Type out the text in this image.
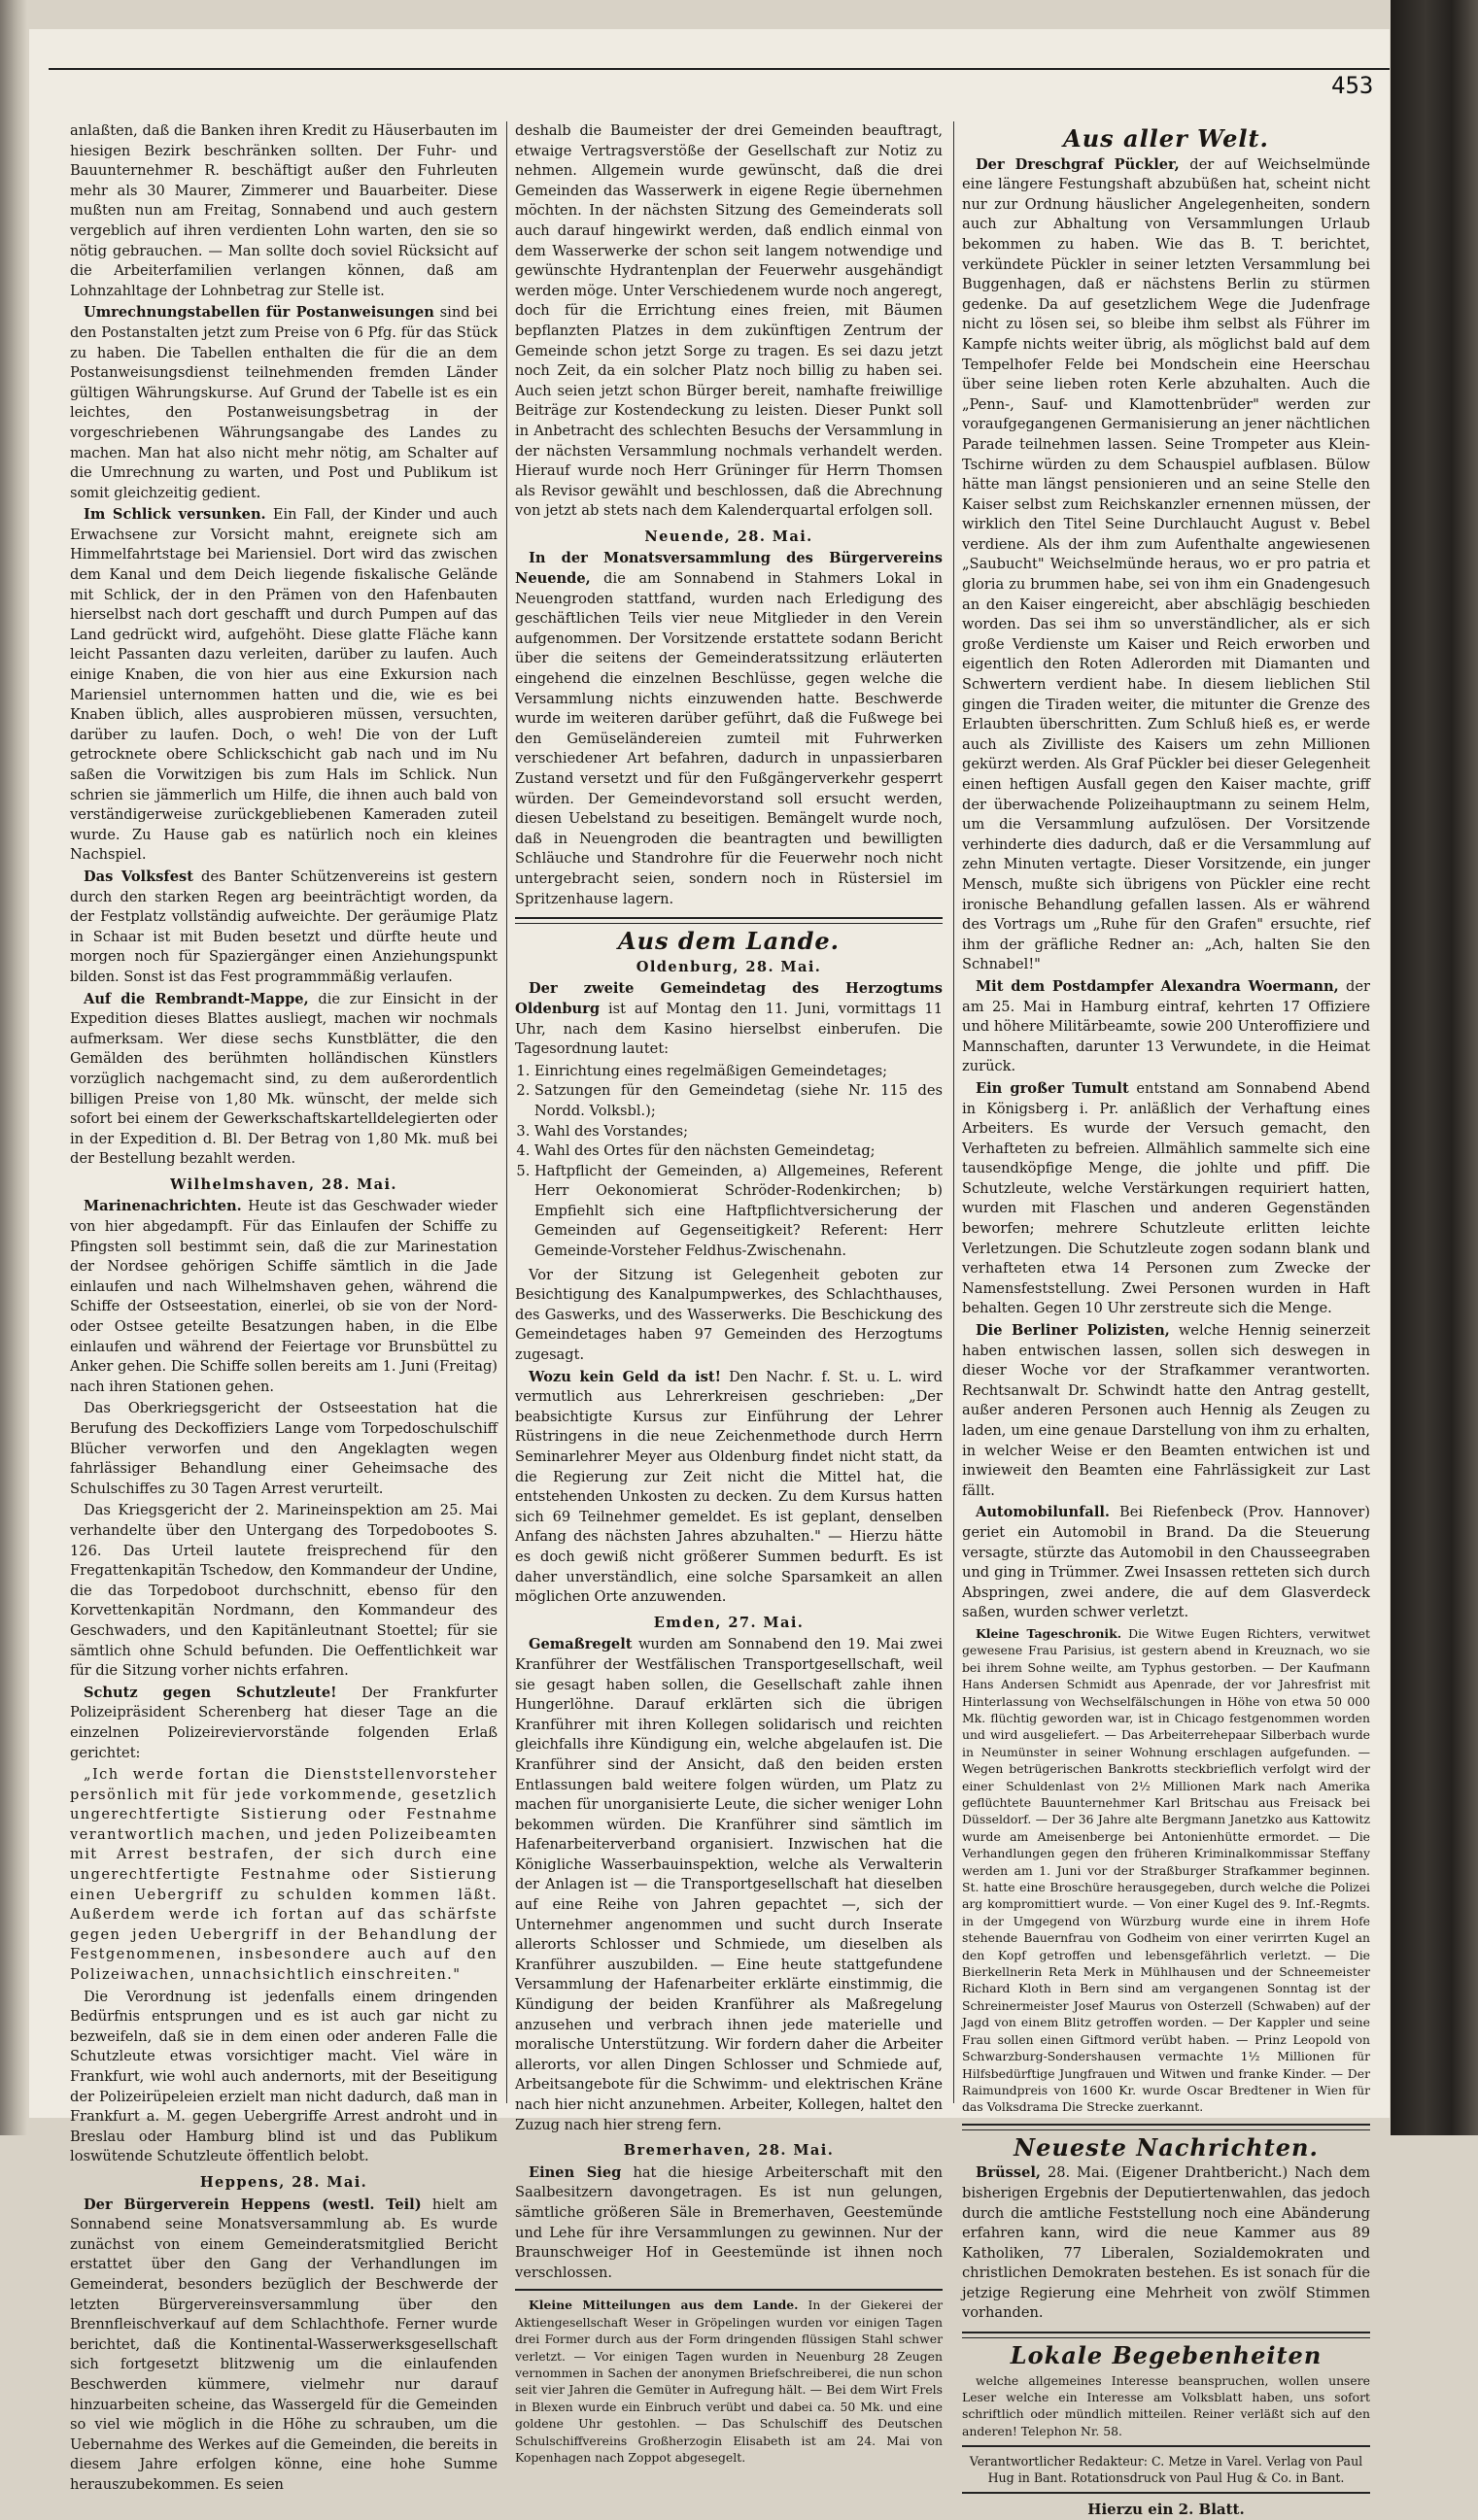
453

anlaßten, daß die Banken ihren Kredit zu Häuserbauten im hiesigen Bezirk beschränken sollten. Der Fuhr- und Bauunternehmer R. beschäftigt außer den Fuhrleuten mehr als 30 Maurer, Zimmerer und Bauarbeiter. Diese mußten nun am Freitag, Sonnabend und auch gestern vergeblich auf ihren verdienten Lohn warten, den sie so nötig gebrauchen. — Man sollte doch soviel Rücksicht auf die Arbeiterfamilien verlangen können, daß am Lohnzahltage der Lohnbetrag zur Stelle ist.

Umrechnungstabellen für Postanweisungen sind bei den Postanstalten jetzt zum Preise von 6 Pfg. für das Stück zu haben. Die Tabellen enthalten die für die an dem Postanweisungsdienst teilnehmenden fremden Länder gültigen Währungskurse. Auf Grund der Tabelle ist es ein leichtes, den Postanweisungsbetrag in der vorgeschriebenen Währungsangabe des Landes zu machen. Man hat also nicht mehr nötig, am Schalter auf die Umrechnung zu warten, und Post und Publikum ist somit gleichzeitig gedient.

Im Schlick versunken. Ein Fall, der Kinder und auch Erwachsene zur Vorsicht mahnt, ereignete sich am Himmelfahrtstage bei Mariensiel. Dort wird das zwischen dem Kanal und dem Deich liegende fiskalische Gelände mit Schlick, der in den Prämen von den Hafenbauten hierselbst nach dort geschafft und durch Pumpen auf das Land gedrückt wird, aufgehöht. Diese glatte Fläche kann leicht Passanten dazu verleiten, darüber zu laufen. Auch einige Knaben, die von hier aus eine Exkursion nach Mariensiel unternommen hatten und die, wie es bei Knaben üblich, alles ausprobieren müssen, versuchten, darüber zu laufen. Doch, o weh! Die von der Luft getrocknete obere Schlickschicht gab nach und im Nu saßen die Vorwitzigen bis zum Hals im Schlick. Nun schrien sie jämmerlich um Hilfe, die ihnen auch bald von verständigerweise zurückgebliebenen Kameraden zuteil wurde. Zu Hause gab es natürlich noch ein kleines Nachspiel.

Das Volksfest des Banter Schützenvereins ist gestern durch den starken Regen arg beeinträchtigt worden, da der Festplatz vollständig aufweichte. Der geräumige Platz in Schaar ist mit Buden besetzt und dürfte heute und morgen noch für Spaziergänger einen Anziehungspunkt bilden. Sonst ist das Fest programmmäßig verlaufen.

Auf die Rembrandt-Mappe, die zur Einsicht in der Expedition dieses Blattes ausliegt, machen wir nochmals aufmerksam. Wer diese sechs Kunstblätter, die den Gemälden des berühmten holländischen Künstlers vorzüglich nachgemacht sind, zu dem außerordentlich billigen Preise von 1,80 Mk. wünscht, der melde sich sofort bei einem der Gewerkschaftskartelldelegierten oder in der Expedition d. Bl. Der Betrag von 1,80 Mk. muß bei der Bestellung bezahlt werden.

Wilhelmshaven, 28. Mai.

Marinenachrichten. Heute ist das Geschwader wieder von hier abgedampft. Für das Einlaufen der Schiffe zu Pfingsten soll bestimmt sein, daß die zur Marinestation der Nordsee gehörigen Schiffe sämtlich in die Jade einlaufen und nach Wilhelmshaven gehen, während die Schiffe der Ostseestation, einerlei, ob sie von der Nord- oder Ostsee geteilte Besatzungen haben, in die Elbe einlaufen und während der Feiertage vor Brunsbüttel zu Anker gehen. Die Schiffe sollen bereits am 1. Juni (Freitag) nach ihren Stationen gehen.

Das Oberkriegsgericht der Ostseestation hat die Berufung des Deckoffiziers Lange vom Torpedoschulschiff Blücher verworfen und den Angeklagten wegen fahrlässiger Behandlung einer Geheimsache des Schulschiffes zu 30 Tagen Arrest verurteilt.

Das Kriegsgericht der 2. Marineinspektion am 25. Mai verhandelte über den Untergang des Torpedobootes S. 126. Das Urteil lautete freisprechend für den Fregattenkapitän Tschedow, den Kommandeur der Undine, die das Torpedoboot durchschnitt, ebenso für den Korvettenkapitän Nordmann, den Kommandeur des Geschwaders, und den Kapitänleutnant Stoettel; für sie sämtlich ohne Schuld befunden. Die Oeffentlichkeit war für die Sitzung vorher nichts erfahren.

Schutz gegen Schutzleute! Der Frankfurter Polizeipräsident Scherenberg hat dieser Tage an die einzelnen Polizeireviervorstände folgenden Erlaß gerichtet:

„Ich werde fortan die Dienststellenvorsteher persönlich mit für jede vorkommende, gesetzlich ungerechtfertigte Sistierung oder Festnahme verantwortlich machen, und jeden Polizeibeamten mit Arrest bestrafen, der sich durch eine ungerechtfertigte Festnahme oder Sistierung einen Uebergriff zu schulden kommen läßt. Außerdem werde ich fortan auf das schärfste gegen jeden Uebergriff in der Behandlung der Festgenommenen, insbesondere auch auf den Polizeiwachen, unnachsichtlich einschreiten."

Die Verordnung ist jedenfalls einem dringenden Bedürfnis entsprungen und es ist auch gar nicht zu bezweifeln, daß sie in dem einen oder anderen Falle die Schutzleute etwas vorsichtiger macht. Viel wäre in Frankfurt, wie wohl auch andernorts, mit der Beseitigung der Polizeirüpeleien erzielt man nicht dadurch, daß man in Frankfurt a. M. gegen Uebergriffe Arrest androht und in Breslau oder Hamburg blind ist und das Publikum loswütende Schutzleute öffentlich belobt.

Heppens, 28. Mai.

Der Bürgerverein Heppens (westl. Teil) hielt am Sonnabend seine Monatsversammlung ab. Es wurde zunächst von einem Gemeinderatsmitglied Bericht erstattet über den Gang der Verhandlungen im Gemeinderat, besonders bezüglich der Beschwerde der letzten Bürgervereinsversammlung über den Brennfleischverkauf auf dem Schlachthofe. Ferner wurde berichtet, daß die Kontinental-Wasserwerksgesellschaft sich fortgesetzt blitzwenig um die einlaufenden Beschwerden kümmere, vielmehr nur darauf hinzuarbeiten scheine, das Wassergeld für die Gemeinden so viel wie möglich in die Höhe zu schrauben, um die Uebernahme des Werkes auf die Gemeinden, die bereits in diesem Jahre erfolgen könne, eine hohe Summe herauszubekommen. Es seien

deshalb die Baumeister der drei Gemeinden beauftragt, etwaige Vertragsverstöße der Gesellschaft zur Notiz zu nehmen. Allgemein wurde gewünscht, daß die drei Gemeinden das Wasserwerk in eigene Regie übernehmen möchten. In der nächsten Sitzung des Gemeinderats soll auch darauf hingewirkt werden, daß endlich einmal von dem Wasserwerke der schon seit langem notwendige und gewünschte Hydrantenplan der Feuerwehr ausgehändigt werden möge. Unter Verschiedenem wurde noch angeregt, doch für die Errichtung eines freien, mit Bäumen bepflanzten Platzes in dem zukünftigen Zentrum der Gemeinde schon jetzt Sorge zu tragen. Es sei dazu jetzt noch Zeit, da ein solcher Platz noch billig zu haben sei. Auch seien jetzt schon Bürger bereit, namhafte freiwillige Beiträge zur Kostendeckung zu leisten. Dieser Punkt soll in Anbetracht des schlechten Besuchs der Versammlung in der nächsten Versammlung nochmals verhandelt werden. Hierauf wurde noch Herr Grüninger für Herrn Thomsen als Revisor gewählt und beschlossen, daß die Abrechnung von jetzt ab stets nach dem Kalenderquartal erfolgen soll.

Neuende, 28. Mai.

In der Monatsversammlung des Bürgervereins Neuende, die am Sonnabend in Stahmers Lokal in Neuengroden stattfand, wurden nach Erledigung des geschäftlichen Teils vier neue Mitglieder in den Verein aufgenommen. Der Vorsitzende erstattete sodann Bericht über die seitens der Gemeinderatssitzung erläuterten eingehend die einzelnen Beschlüsse, gegen welche die Versammlung nichts einzuwenden hatte. Beschwerde wurde im weiteren darüber geführt, daß die Fußwege bei den Gemüseländereien zumteil mit Fuhrwerken verschiedener Art befahren, dadurch in unpassierbaren Zustand versetzt und für den Fußgängerverkehr gesperrt würden. Der Gemeindevorstand soll ersucht werden, diesen Uebelstand zu beseitigen. Bemängelt wurde noch, daß in Neuengroden die beantragten und bewilligten Schläuche und Standrohre für die Feuerwehr noch nicht untergebracht seien, sondern noch in Rüstersiel im Spritzenhause lagern.

Aus dem Lande.

Oldenburg, 28. Mai.

Der zweite Gemeindetag des Herzogtums Oldenburg ist auf Montag den 11. Juni, vormittags 11 Uhr, nach dem Kasino hierselbst einberufen. Die Tagesordnung lautet:

1. Einrichtung eines regelmäßigen Gemeindetages;
2. Satzungen für den Gemeindetag (siehe Nr. 115 des Nordd. Volksbl.);
3. Wahl des Vorstandes;
4. Wahl des Ortes für den nächsten Gemeindetag;
5. Haftpflicht der Gemeinden, a) Allgemeines, Referent Herr Oekonomierat Schröder-Rodenkirchen; b) Empfiehlt sich eine Haftpflichtversicherung der Gemeinden auf Gegenseitigkeit? Referent: Herr Gemeinde-Vorsteher Feldhus-Zwischenahn.

Vor der Sitzung ist Gelegenheit geboten zur Besichtigung des Kanalpumpwerkes, des Schlachthauses, des Gaswerks, und des Wasserwerks. Die Beschickung des Gemeindetages haben 97 Gemeinden des Herzogtums zugesagt.

Wozu kein Geld da ist! Den Nachr. f. St. u. L. wird vermutlich aus Lehrerkreisen geschrieben: „Der beabsichtigte Kursus zur Einführung der Lehrer Rüstringens in die neue Zeichenmethode durch Herrn Seminarlehrer Meyer aus Oldenburg findet nicht statt, da die Regierung zur Zeit nicht die Mittel hat, die entstehenden Unkosten zu decken. Zu dem Kursus hatten sich 69 Teilnehmer gemeldet. Es ist geplant, denselben Anfang des nächsten Jahres abzuhalten." — Hierzu hätte es doch gewiß nicht größerer Summen bedurft. Es ist daher unverständlich, eine solche Sparsamkeit an allen möglichen Orte anzuwenden.

Emden, 27. Mai.

Gemaßregelt wurden am Sonnabend den 19. Mai zwei Kranführer der Westfälischen Transportgesellschaft, weil sie gesagt haben sollen, die Gesellschaft zahle ihnen Hungerlöhne. Darauf erklärten sich die übrigen Kranführer mit ihren Kollegen solidarisch und reichten gleichfalls ihre Kündigung ein, welche abgelaufen ist. Die Kranführer sind der Ansicht, daß den beiden ersten Entlassungen bald weitere folgen würden, um Platz zu machen für unorganisierte Leute, die sicher weniger Lohn bekommen würden. Die Kranführer sind sämtlich im Hafenarbeiterverband organisiert. Inzwischen hat die Königliche Wasserbauinspektion, welche als Verwalterin der Anlagen ist — die Transportgesellschaft hat dieselben auf eine Reihe von Jahren gepachtet —, sich der Unternehmer angenommen und sucht durch Inserate allerorts Schlosser und Schmiede, um dieselben als Kranführer auszubilden. — Eine heute stattgefundene Versammlung der Hafenarbeiter erklärte einstimmig, die Kündigung der beiden Kranführer als Maßregelung anzusehen und verbrach ihnen jede materielle und moralische Unterstützung. Wir fordern daher die Arbeiter allerorts, vor allen Dingen Schlosser und Schmiede auf, Arbeitsangebote für die Schwimm- und elektrischen Kräne nach hier nicht anzunehmen. Arbeiter, Kollegen, haltet den Zuzug nach hier streng fern.

Bremerhaven, 28. Mai.

Einen Sieg hat die hiesige Arbeiterschaft mit den Saalbesitzern davongetragen. Es ist nun gelungen, sämtliche größeren Säle in Bremerhaven, Geestemünde und Lehe für ihre Versammlungen zu gewinnen. Nur der Braunschweiger Hof in Geestemünde ist ihnen noch verschlossen.

Kleine Mitteilungen aus dem Lande. In der Giekerei der Aktiengesellschaft Weser in Gröpelingen wurden vor einigen Tagen drei Former durch aus der Form dringenden flüssigen Stahl schwer verletzt. — Vor einigen Tagen wurden in Neuenburg 28 Zeugen vernommen in Sachen der anonymen Briefschreiberei, die nun schon seit vier Jahren die Gemüter in Aufregung hält. — Bei dem Wirt Frels in Blexen wurde ein Einbruch verübt und dabei ca. 50 Mk. und eine goldene Uhr gestohlen. — Das Schulschiff des Deutschen Schulschiffvereins Großherzogin Elisabeth ist am 24. Mai von Kopenhagen nach Zoppot abgesegelt.

Aus aller Welt.

Der Dreschgraf Pückler, der auf Weichselmünde eine längere Festungshaft abzubüßen hat, scheint nicht nur zur Ordnung häuslicher Angelegenheiten, sondern auch zur Abhaltung von Versammlungen Urlaub bekommen zu haben. Wie das B. T. berichtet, verkündete Pückler in seiner letzten Versammlung bei Buggenhagen, daß er nächstens Berlin zu stürmen gedenke. Da auf gesetzlichem Wege die Judenfrage nicht zu lösen sei, so bleibe ihm selbst als Führer im Kampfe nichts weiter übrig, als möglichst bald auf dem Tempelhofer Felde bei Mondschein eine Heerschau über seine lieben roten Kerle abzuhalten. Auch die „Penn-, Sauf- und Klamottenbrüder" werden zur voraufgegangenen Germanisierung an jener nächtlichen Parade teilnehmen lassen. Seine Trompeter aus Klein-Tschirne würden zu dem Schauspiel aufblasen. Bülow hätte man längst pensionieren und an seine Stelle den Kaiser selbst zum Reichskanzler ernennen müssen, der wirklich den Titel Seine Durchlaucht August v. Bebel verdiene. Als der ihm zum Aufenthalte angewiesenen „Saubucht" Weichselmünde heraus, wo er pro patria et gloria zu brummen habe, sei von ihm ein Gnadengesuch an den Kaiser eingereicht, aber abschlägig beschieden worden. Das sei ihm so unverständlicher, als er sich große Verdienste um Kaiser und Reich erworben und eigentlich den Roten Adlerorden mit Diamanten und Schwertern verdient habe. In diesem lieblichen Stil gingen die Tiraden weiter, die mitunter die Grenze des Erlaubten überschritten. Zum Schluß hieß es, er werde auch als Zivilliste des Kaisers um zehn Millionen gekürzt werden. Als Graf Pückler bei dieser Gelegenheit einen heftigen Ausfall gegen den Kaiser machte, griff der überwachende Polizeihauptmann zu seinem Helm, um die Versammlung aufzulösen. Der Vorsitzende verhinderte dies dadurch, daß er die Versammlung auf zehn Minuten vertagte. Dieser Vorsitzende, ein junger Mensch, mußte sich übrigens von Pückler eine recht ironische Behandlung gefallen lassen. Als er während des Vortrags um „Ruhe für den Grafen" ersuchte, rief ihm der gräfliche Redner an: „Ach, halten Sie den Schnabel!"

Mit dem Postdampfer Alexandra Woermann, der am 25. Mai in Hamburg eintraf, kehrten 17 Offiziere und höhere Militärbeamte, sowie 200 Unteroffiziere und Mannschaften, darunter 13 Verwundete, in die Heimat zurück.

Ein großer Tumult entstand am Sonnabend Abend in Königsberg i. Pr. anläßlich der Verhaftung eines Arbeiters. Es wurde der Versuch gemacht, den Verhafteten zu befreien. Allmählich sammelte sich eine tausendköpfige Menge, die johlte und pfiff. Die Schutzleute, welche Verstärkungen requiriert hatten, wurden mit Flaschen und anderen Gegenständen beworfen; mehrere Schutzleute erlitten leichte Verletzungen. Die Schutzleute zogen sodann blank und verhafteten etwa 14 Personen zum Zwecke der Namensfeststellung. Zwei Personen wurden in Haft behalten. Gegen 10 Uhr zerstreute sich die Menge.

Die Berliner Polizisten, welche Hennig seinerzeit haben entwischen lassen, sollen sich deswegen in dieser Woche vor der Strafkammer verantworten. Rechtsanwalt Dr. Schwindt hatte den Antrag gestellt, außer anderen Personen auch Hennig als Zeugen zu laden, um eine genaue Darstellung von ihm zu erhalten, in welcher Weise er den Beamten entwichen ist und inwieweit den Beamten eine Fahrlässigkeit zur Last fällt.

Automobilunfall. Bei Riefenbeck (Prov. Hannover) geriet ein Automobil in Brand. Da die Steuerung versagte, stürzte das Automobil in den Chausseegraben und ging in Trümmer. Zwei Insassen retteten sich durch Abspringen, zwei andere, die auf dem Glasverdeck saßen, wurden schwer verletzt.

Kleine Tageschronik. Die Witwe Eugen Richters, verwitwet gewesene Frau Parisius, ist gestern abend in Kreuznach, wo sie bei ihrem Sohne weilte, am Typhus gestorben. — Der Kaufmann Hans Andersen Schmidt aus Apenrade, der vor Jahresfrist mit Hinterlassung von Wechselfälschungen in Höhe von etwa 50 000 Mk. flüchtig geworden war, ist in Chicago festgenommen worden und wird ausgeliefert. — Das Arbeiterrehepaar Silberbach wurde in Neumünster in seiner Wohnung erschlagen aufgefunden. — Wegen betrügerischen Bankrotts steckbrieflich verfolgt wird der einer Schuldenlast von 2½ Millionen Mark nach Amerika geflüchtete Bauunternehmer Karl Britschau aus Freisack bei Düsseldorf. — Der 36 Jahre alte Bergmann Janetzko aus Kattowitz wurde am Ameisenberge bei Antonienhütte ermordet. — Die Verhandlungen gegen den früheren Kriminalkommissar Steffany werden am 1. Juni vor der Straßburger Strafkammer beginnen. St. hatte eine Broschüre herausgegeben, durch welche die Polizei arg kompromittiert wurde. — Von einer Kugel des 9. Inf.-Regmts. in der Umgegend von Würzburg wurde eine in ihrem Hofe stehende Bauernfrau von Godheim von einer verirrten Kugel an den Kopf getroffen und lebensgefährlich verletzt. — Die Bierkellnerin Reta Merk in Mühlhausen und der Schneemeister Richard Kloth in Bern sind am vergangenen Sonntag ist der Schreinermeister Josef Maurus von Osterzell (Schwaben) auf der Jagd von einem Blitz getroffen worden. — Der Kappler und seine Frau sollen einen Giftmord verübt haben. — Prinz Leopold von Schwarzburg-Sondershausen vermachte 1½ Millionen für Hilfsbedürftige Jungfrauen und Witwen und franke Kinder. — Der Raimundpreis von 1600 Kr. wurde Oscar Bredtener in Wien für das Volksdrama Die Strecke zuerkannt.

Neueste Nachrichten.

Brüssel, 28. Mai. (Eigener Drahtbericht.) Nach dem bisherigen Ergebnis der Deputiertenwahlen, das jedoch durch die amtliche Feststellung noch eine Abänderung erfahren kann, wird die neue Kammer aus 89 Katholiken, 77 Liberalen, Sozialdemokraten und christlichen Demokraten bestehen. Es ist sonach für die jetzige Regierung eine Mehrheit von zwölf Stimmen vorhanden.

Lokale Begebenheiten

welche allgemeines Interesse beanspruchen, wollen unsere Leser welche ein Interesse am Volksblatt haben, uns sofort schriftlich oder mündlich mitteilen. Reiner verläßt sich auf den anderen! Telephon Nr. 58.

Verantwortlicher Redakteur: C. Metze in Varel. Verlag von Paul Hug in Bant. Rotationsdruck von Paul Hug & Co. in Bant.

Hierzu ein 2. Blatt.
